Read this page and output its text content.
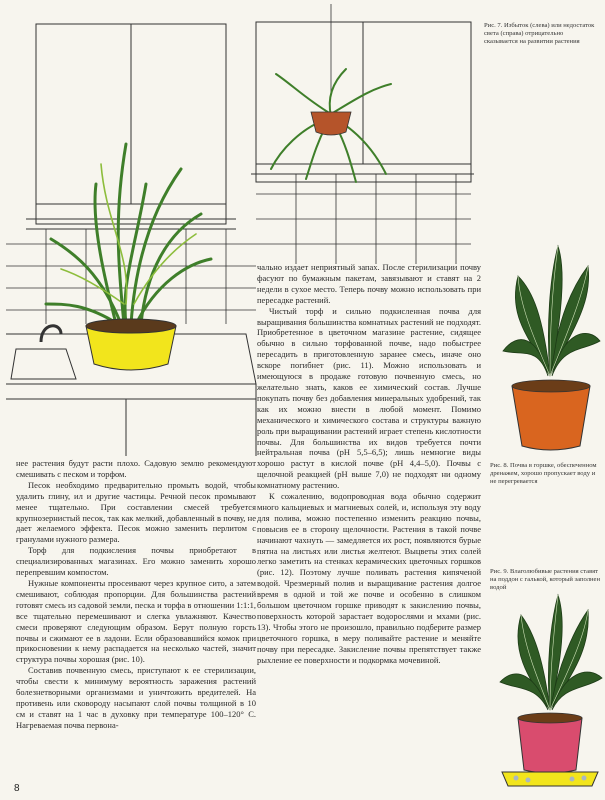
Рис. 7. Избыток (слева) или недостаток света (справа) отрицательно сказывается на развитии растения
Рис. 8. Почва в горшке, обеспеченном дренажем, хорошо пропускает воду и не перегревается
Рис. 9. Влаголюбивые растения ставят на поддон с галькой, который заполнен водой

нее растения будут расти плохо. Садовую землю рекомендуют смешивать с песком и торфом.

Песок необходимо предварительно промыть водой, чтобы удалить глину, ил и другие частицы. Речной песок промывают менее тщательно. При составлении смесей требуется крупнозернистый песок, так как мелкий, добавленный в почву, не дает желаемого эффекта. Песок можно заменить перлитом с гранулами нужного размера.

Торф для подкисления почвы приобретают в специализированных магазинах. Его можно заменить хорошо перепревшим компостом.

Нужные компоненты просеивают через крупное сито, а затем смешивают, соблюдая пропорции. Для большинства растений готовят смесь из садовой земли, песка и торфа в отношении 1:1:1, все тщательно перемешивают и слегка увлажняют. Качество смеси проверяют следующим образом. Берут полную горсть почвы и сжимают ее в ладони. Если образовавшийся комок при прикосновении к нему распадается на несколько частей, значит структура почвы хорошая (рис. 10).

Составив почвенную смесь, приступают к ее стерилизации, чтобы свести к минимуму вероятность заражения растений болезнетворными организмами и уничтожить вредителей. На противень или сковороду насыпают слой почвы толщиной в 10 см и ставят на 1 час в духовку при температуре 100–120° С. Нагреваемая почва первона-

чально издает неприятный запах. После стерилизации почву фасуют по бумажным пакетам, завязывают и ставят на 2 недели в сухое место. Теперь почву можно использовать при пересадке растений.

Чистый торф и сильно подкисленная почва для выращивания большинства комнатных растений не подходят. Приобретенное в цветочном магазине растение, сидящее обычно в сильно торфованной почве, надо побыстрее пересадить в приготовленную заранее смесь, иначе оно вскоре погибнет (рис. 11). Можно использовать и имеющуюся в продаже готовую почвенную смесь, но желательно знать, каков ее химический состав. Лучше покупать почву без добавления минеральных удобрений, так как их можно внести в любой момент. Помимо механического и химического состава и структуры важную роль при выращивании растений играет степень кислотности почвы. Для большинства их видов требуется почти нейтральная почва (pH 5,5–6,5); лишь немногие виды хорошо растут в кислой почве (pH 4,4–5,0). Почвы с щелочной реакцией (pH выше 7,0) не подходят ни одному комнатному растению.

К сожалению, водопроводная вода обычно содержит много кальциевых и магниевых солей, и, используя эту воду для полива, можно постепенно изменить реакцию почвы, повысив ее в сторону щелочности. Растения в такой почве начинают чахнуть — замедляется их рост, появляются бурые пятна на листьях или листья желтеют. Выцветы этих солей легко заметить на стенках керамических цветочных горшков (рис. 12). Поэтому лучше поливать растения кипяченой водой. Чрезмерный полив и выращивание растения долгое время в одной и той же почве и особенно в слишком большом цветочном горшке приводят к закислению почвы, поверхность которой зарастает водорослями и мхами (рис. 13). Чтобы этого не произошло, правильно подберите размер цветочного горшка, в меру поливайте растение и меняйте почву при пересадке. Закисление почвы препятствует также рыхление ее поверхности и подкормка мочевиной.

8
